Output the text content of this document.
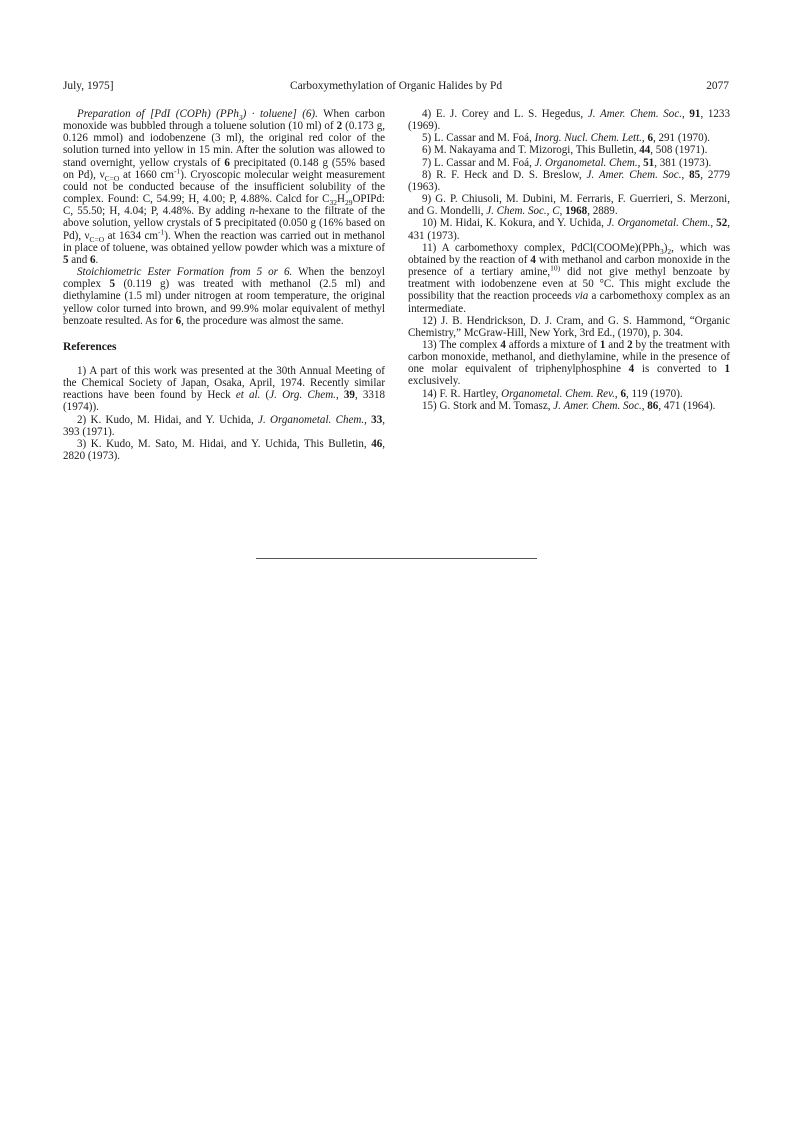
July, 1975]	Carboxymethylation of Organic Halides by Pd	2077

Preparation of [PdI (COPh) (PPh$_3$) · toluene] (6). When carbon monoxide was bubbled through a toluene solution (10 ml) of 2 (0.173 g, 0.126 mmol) and iodobenzene (3 ml), the original red color of the solution turned into yellow in 15 min. After the solution was allowed to stand overnight, yellow crystals of 6 precipitated (0.148 g (55% based on Pd), $\nu_{C=O}$ at 1660 $cm^{-1}$). Cryoscopic molecular weight measurement could not be conducted because of the insufficient solubility of the complex. Found: C, 54.99; H, 4.00; P, 4.88%. Calcd for $C_{32}H_{29}OPIPd$: C, 55.50; H, 4.04; P, 4.48%. By adding n-hexane to the filtrate of the above solution, yellow crystals of 5 precipitated (0.050 g (16% based on Pd), $\nu_{C=O}$ at 1634 $cm^{-1}$). When the reaction was carried out in methanol in place of toluene, was obtained yellow powder which was a mixture of 5 and 6.

Stoichiometric Ester Formation from 5 or 6. When the benzoyl complex 5 (0.119 g) was treated with methanol (2.5 ml) and diethylamine (1.5 ml) under nitrogen at room temperature, the original yellow color turned into brown, and 99.9% molar equivalent of methyl benzoate resulted. As for 6, the procedure was almost the same.

References

1) A part of this work was presented at the 30th Annual Meeting of the Chemical Society of Japan, Osaka, April, 1974. Recently similar reactions have been found by Heck et al. (J. Org. Chem., 39, 3318 (1974)).

2) K. Kudo, M. Hidai, and Y. Uchida, J. Organometal. Chem., 33, 393 (1971).

3) K. Kudo, M. Sato, M. Hidai, and Y. Uchida, This Bulletin, 46, 2820 (1973).

4) E. J. Corey and L. S. Hegedus, J. Amer. Chem. Soc., 91, 1233 (1969).

5) L. Cassar and M. Foá, Inorg. Nucl. Chem. Lett., 6, 291 (1970).

6) M. Nakayama and T. Mizorogi, This Bulletin, 44, 508 (1971).

7) L. Cassar and M. Foá, J. Organometal. Chem., 51, 381 (1973).

8) R. F. Heck and D. S. Breslow, J. Amer. Chem. Soc., 85, 2779 (1963).

9) G. P. Chiusoli, M. Dubini, M. Ferraris, F. Guerrieri, S. Merzoni, and G. Mondelli, J. Chem. Soc., C, 1968, 2889.

10) M. Hidai, K. Kokura, and Y. Uchida, J. Organometal. Chem., 52, 431 (1973).

11) A carbomethoxy complex, $PdCl(COOMe)(PPh_3)_2$, which was obtained by the reaction of 4 with methanol and carbon monoxide in the presence of a tertiary amine,$^{10)}$ did not give methyl benzoate by treatment with iodobenzene even at 50 °C. This might exclude the possibility that the reaction proceeds via a carbomethoxy complex as an intermediate.

12) J. B. Hendrickson, D. J. Cram, and G. S. Hammond, “Organic Chemistry,” McGraw-Hill, New York, 3rd Ed., (1970), p. 304.

13) The complex 4 affords a mixture of 1 and 2 by the treatment with carbon monoxide, methanol, and diethylamine, while in the presence of one molar equivalent of triphenylphosphine 4 is converted to 1 exclusively.

14) F. R. Hartley, Organometal. Chem. Rev., 6, 119 (1970).

15) G. Stork and M. Tomasz, J. Amer. Chem. Soc., 86, 471 (1964).
